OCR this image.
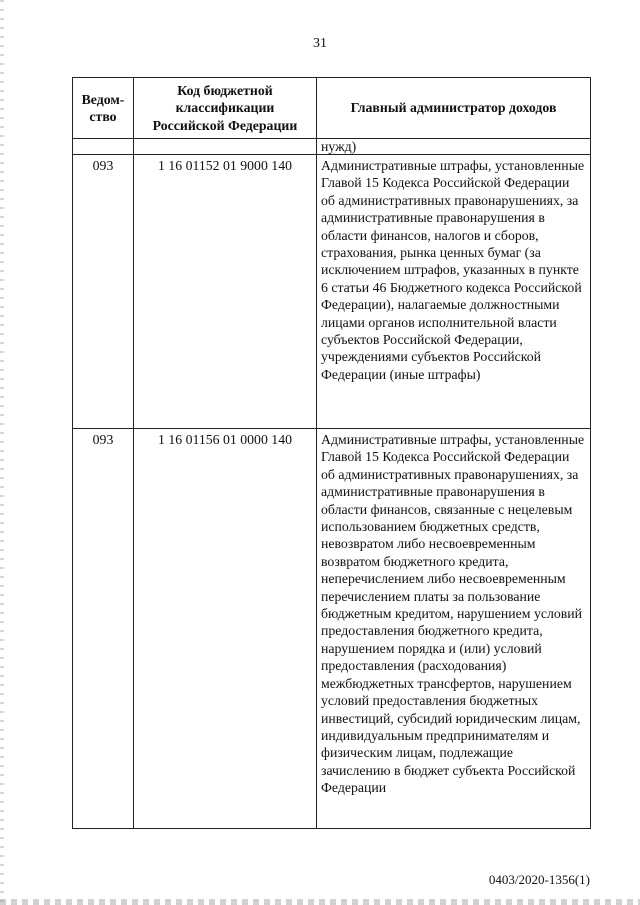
31
Ведом-ство	Код бюджетной классификации Российской Федерации	Главный администратор доходов
		нужд)
093	1 16 01152 01 9000 140	Административные штрафы, установленные Главой 15 Кодекса Российской Федерации об административных правонарушениях, за административные правонарушения в области финансов, налогов и сборов, страхования, рынка ценных бумаг (за исключением штрафов, указанных в пункте 6 статьи 46 Бюджетного кодекса Российской Федерации), налагаемые должностными лицами органов исполнительной власти субъектов Российской Федерации, учреждениями субъектов Российской Федерации (иные штрафы)
093	1 16 01156 01 0000 140	Административные штрафы, установленные Главой 15 Кодекса Российской Федерации об административных правонарушениях, за административные правонарушения в области финансов, связанные с нецелевым использованием бюджетных средств, невозвратом либо несвоевременным возвратом бюджетного кредита, неперечислением либо несвоевременным перечислением платы за пользование бюджетным кредитом, нарушением условий предоставления бюджетного кредита, нарушением порядка и (или) условий предоставления (расходования) межбюджетных трансфертов, нарушением условий предоставления бюджетных инвестиций, субсидий юридическим лицам, индивидуальным предпринимателям и физическим лицам, подлежащие зачислению в бюджет субъекта Российской Федерации
0403/2020-1356(1)
